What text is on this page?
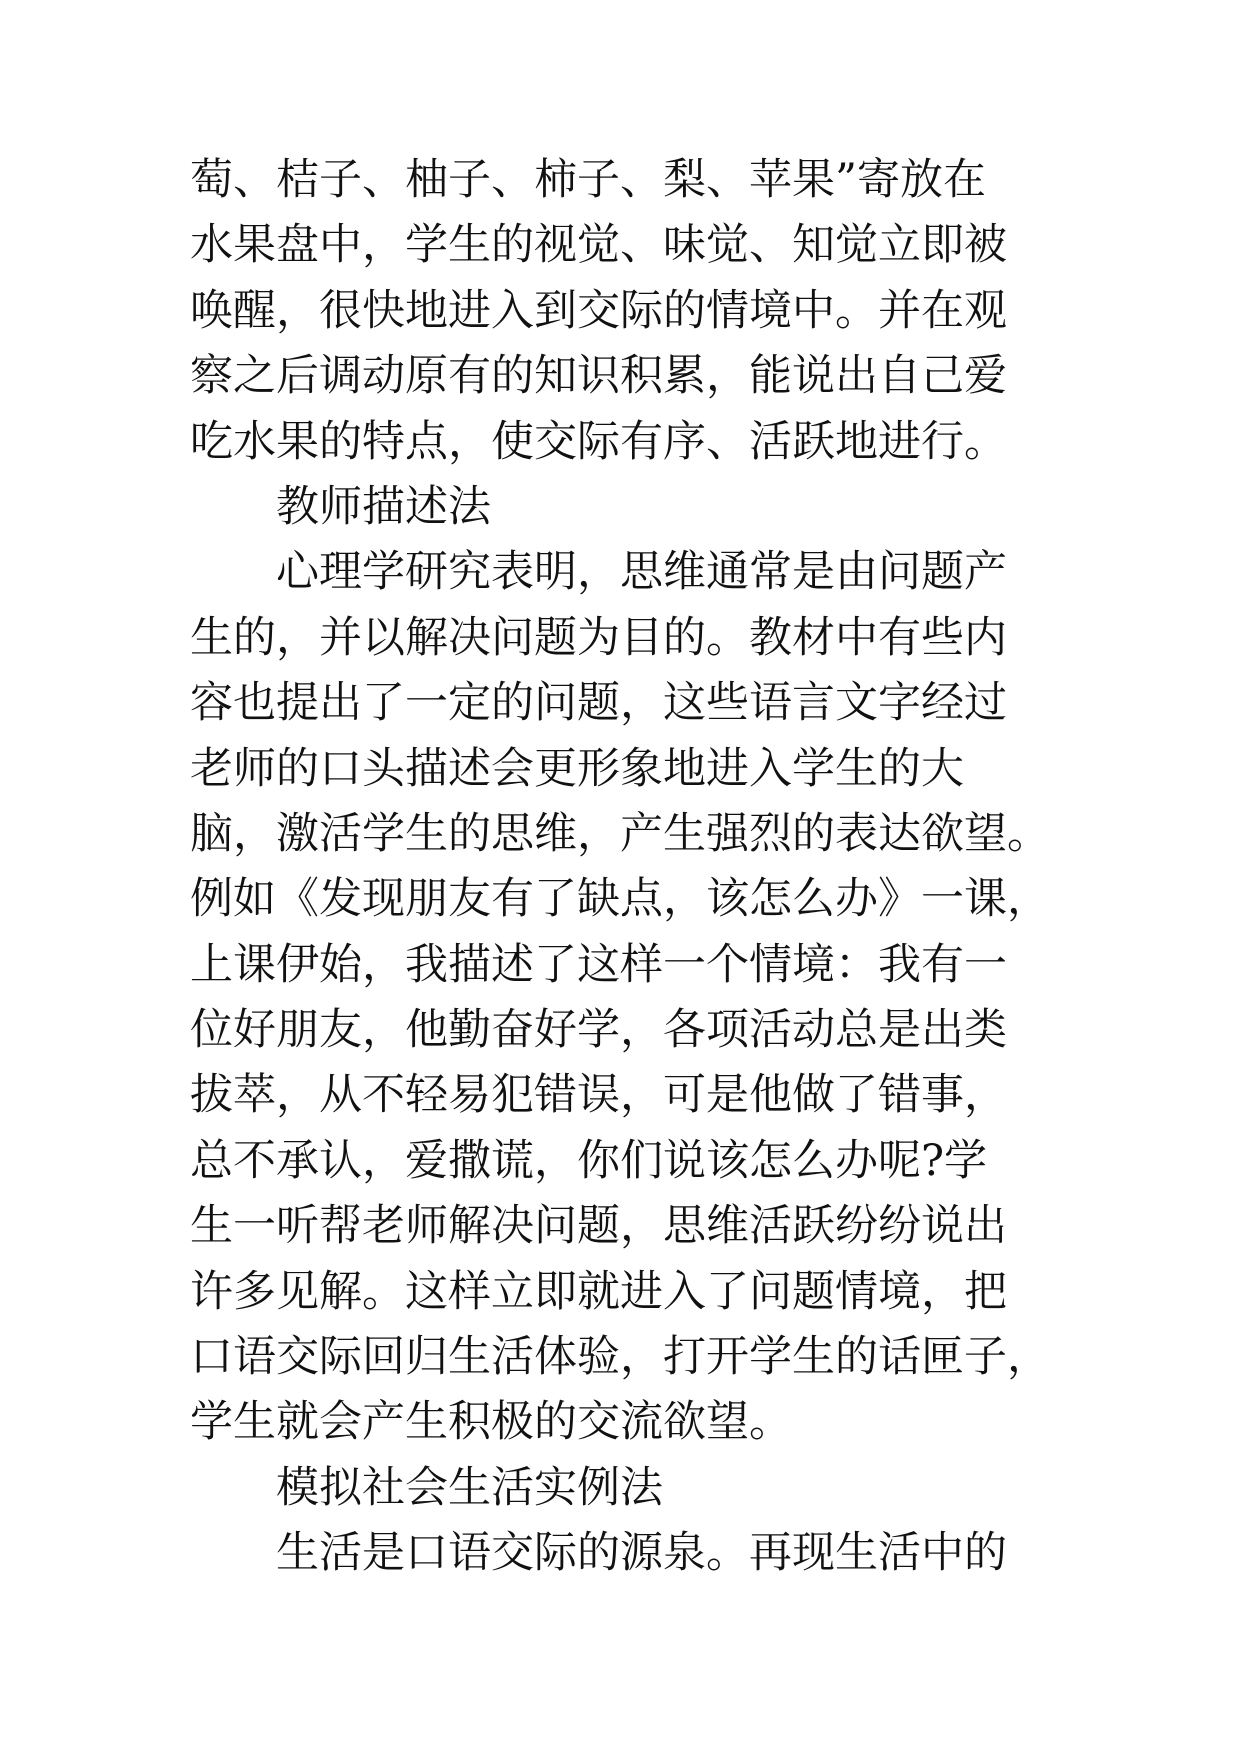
萄、桔子、柚子、柿子、梨、苹果”寄放在
水果盘中，学生的视觉、味觉、知觉立即被
唤醒，很快地进入到交际的情境中。并在观
察之后调动原有的知识积累，能说出自己爱
吃水果的特点，使交际有序、活跃地进行。
　　教师描述法
　　心理学研究表明，思维通常是由问题产
生的，并以解决问题为目的。教材中有些内
容也提出了一定的问题，这些语言文字经过
老师的口头描述会更形象地进入学生的大
脑，激活学生的思维，产生强烈的表达欲望。
例如《发现朋友有了缺点，该怎么办》一课，
上课伊始，我描述了这样一个情境：我有一
位好朋友，他勤奋好学，各项活动总是出类
拔萃，从不轻易犯错误，可是他做了错事，
总不承认，爱撒谎，你们说该怎么办呢?学
生一听帮老师解决问题，思维活跃纷纷说出
许多见解。这样立即就进入了问题情境，把
口语交际回归生活体验，打开学生的话匣子，
学生就会产生积极的交流欲望。
　　模拟社会生活实例法
　　生活是口语交际的源泉。再现生活中的
